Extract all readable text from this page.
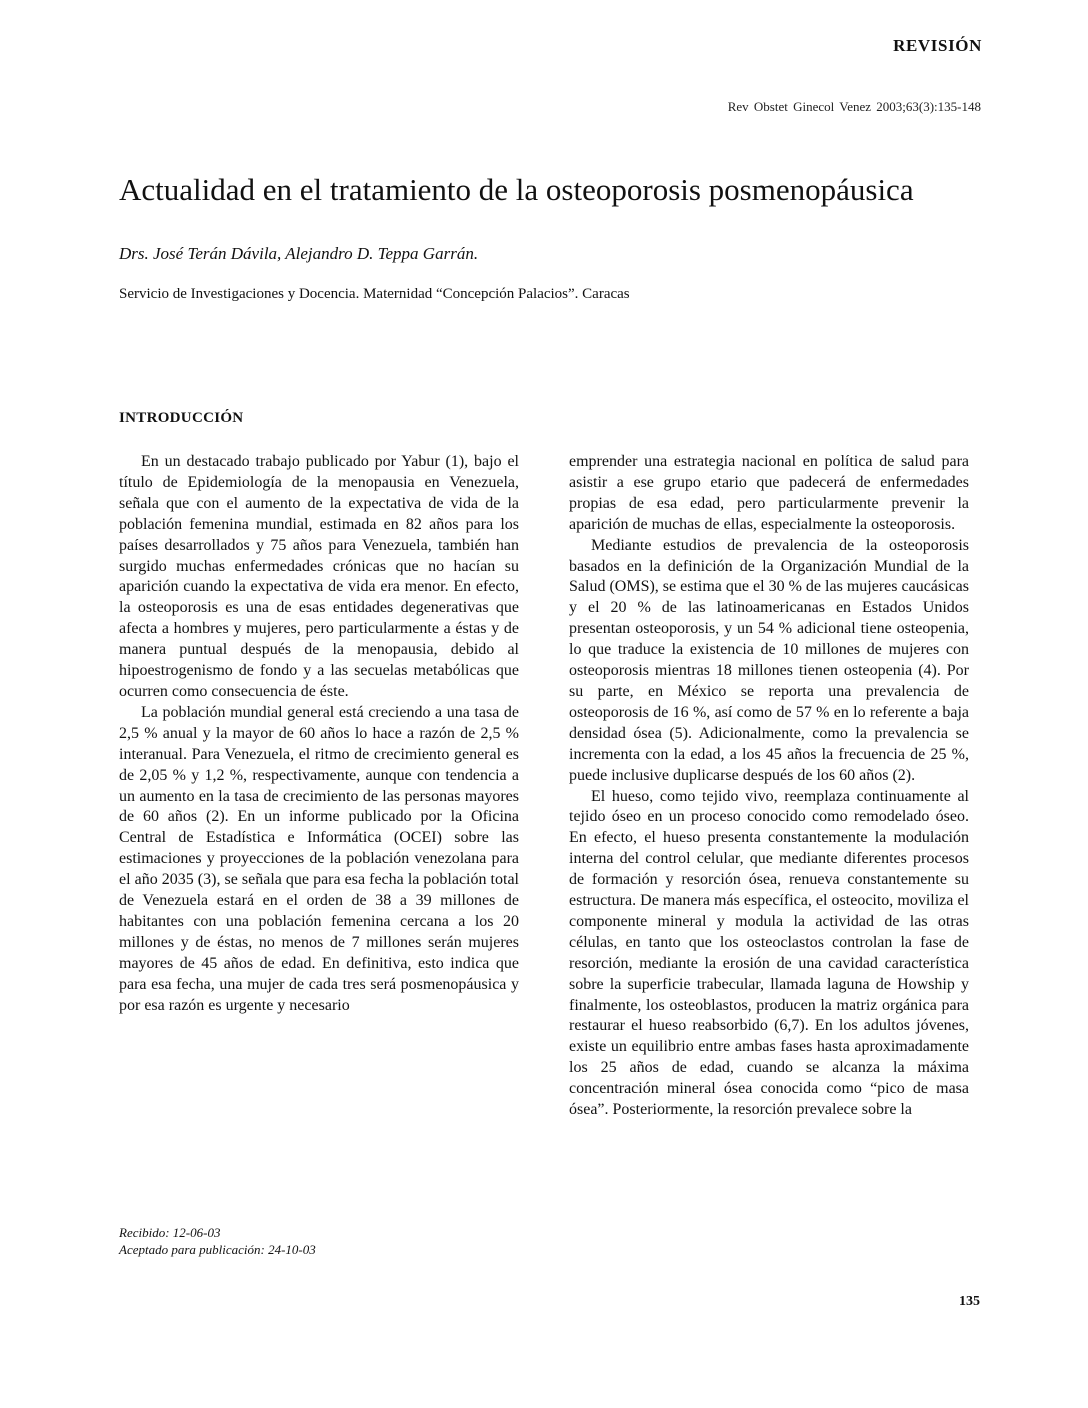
REVISIÓN
Rev Obstet Ginecol Venez 2003;63(3):135-148
Actualidad en el tratamiento de la osteoporosis posmenopáusica
Drs. José Terán Dávila, Alejandro D. Teppa Garrán.
Servicio de Investigaciones y Docencia. Maternidad “Concepción Palacios”. Caracas
INTRODUCCIÓN

En un destacado trabajo publicado por Yabur (1), bajo el título de Epidemiología de la menopausia en Venezuela, señala que con el aumento de la expectativa de vida de la población femenina mundial, estimada en 82 años para los países desarrollados y 75 años para Venezuela, también han surgido muchas enfermedades crónicas que no hacían su aparición cuando la expectativa de vida era menor. En efecto, la osteoporosis es una de esas entidades degenerativas que afecta a hombres y mujeres, pero particularmente a éstas y de manera puntual después de la menopausia, debido al hipoestrogenismo de fondo y a las secuelas metabólicas que ocurren como consecuencia de éste.

La población mundial general está creciendo a una tasa de 2,5 % anual y la mayor de 60 años lo hace a razón de 2,5 % interanual. Para Venezuela, el ritmo de crecimiento general es de 2,05 % y 1,2 %, respectivamente, aunque con tendencia a un aumento en la tasa de crecimiento de las personas mayores de 60 años (2). En un informe publicado por la Oficina Central de Estadística e Informática (OCEI) sobre las estimaciones y proyecciones de la población venezolana para el año 2035 (3), se señala que para esa fecha la población total de Venezuela estará en el orden de 38 a 39 millones de habitantes con una población femenina cercana a los 20 millones y de éstas, no menos de 7 millones serán mujeres mayores de 45 años de edad. En definitiva, esto indica que para esa fecha, una mujer de cada tres será posmenopáusica y por esa razón es urgente y necesario

emprender una estrategia nacional en política de salud para asistir a ese grupo etario que padecerá de enfermedades propias de esa edad, pero particularmente prevenir la aparición de muchas de ellas, especialmente la osteoporosis.

Mediante estudios de prevalencia de la osteoporosis basados en la definición de la Organización Mundial de la Salud (OMS), se estima que el 30 % de las mujeres caucásicas y el 20 % de las latinoamericanas en Estados Unidos presentan osteoporosis, y un 54 % adicional tiene osteopenia, lo que traduce la existencia de 10 millones de mujeres con osteoporosis mientras 18 millones tienen osteopenia (4). Por su parte, en México se reporta una prevalencia de osteoporosis de 16 %, así como de 57 % en lo referente a baja densidad ósea (5). Adicionalmente, como la prevalencia se incrementa con la edad, a los 45 años la frecuencia de 25 %, puede inclusive duplicarse después de los 60 años (2).

El hueso, como tejido vivo, reemplaza continuamente al tejido óseo en un proceso conocido como remodelado óseo. En efecto, el hueso presenta constantemente la modulación interna del control celular, que mediante diferentes procesos de formación y resorción ósea, renueva constantemente su estructura. De manera más específica, el osteocito, moviliza el componente mineral y modula la actividad de las otras células, en tanto que los osteoclastos controlan la fase de resorción, mediante la erosión de una cavidad característica sobre la superficie trabecular, llamada laguna de Howship y finalmente, los osteoblastos, producen la matriz orgánica para restaurar el hueso reabsorbido (6,7). En los adultos jóvenes, existe un equilibrio entre ambas fases hasta aproximadamente los 25 años de edad, cuando se alcanza la máxima concentración mineral ósea conocida como “pico de masa ósea”. Posteriormente, la resorción prevalece sobre la

Recibido: 12-06-03
Aceptado para publicación: 24-10-03
135
